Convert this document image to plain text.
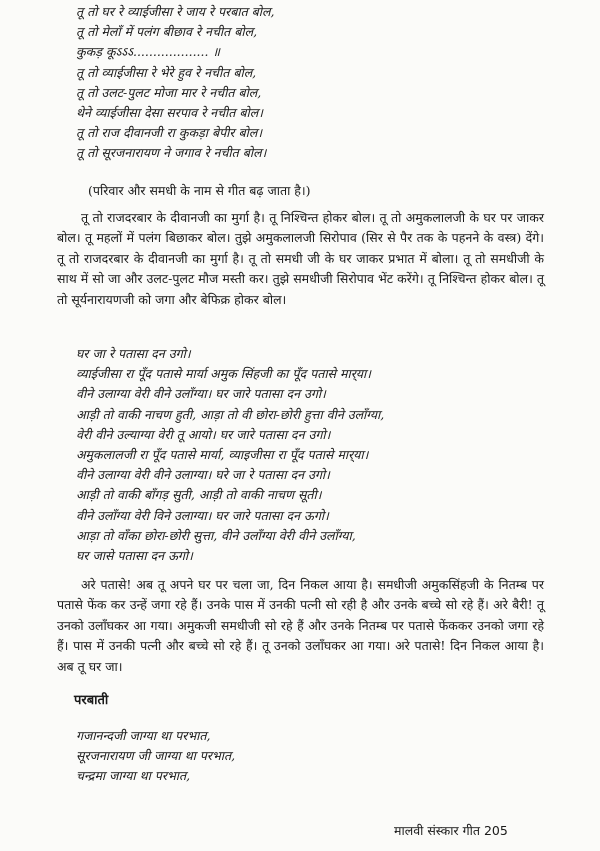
तू तो घर रे व्याईजीसा रे जाय रे परबात बोल,
तू तो मेलाँ में पलंग बीछाव रे नचीत बोल,
कुकड़ कूऽऽऽ................... ॥
तू तो व्याईजीसा रे भेरे हुव रे नचीत बोल,
तू तो उलट-पुलट मोजा मार रे नचीत बोल,
थेने व्याईजीसा देसा सरपाव रे नचीत बोल।
तू तो राज दीवानजी रा कुकड़ा बेपीर बोल।
तू तो सूरजनारायण ने जगाव रे नचीत बोल।
(परिवार और समधी के नाम से गीत बढ़ जाता है।)

तू तो राजदरबार के दीवानजी का मुर्गा है। तू निश्चिन्त होकर बोल। तू तो अमुकलालजी के घर पर जाकर बोल। तू महलों में पलंग बिछाकर बोल। तुझे अमुकलालजी सिरोपाव (सिर से पैर तक के पहनने के वस्त्र) देंगे। तू तो राजदरबार के दीवानजी का मुर्गा है। तू तो समधी जी के घर जाकर प्रभात में बोला। तू तो समधीजी के साथ में सो जा और उलट-पुलट मौज मस्ती कर। तुझे समधीजी सिरोपाव भेंट करेंगे। तू निश्चिन्त होकर बोल। तू तो सूर्यनारायणजी को जगा और बेफिक्र होकर बोल।

घर जा रे पतासा दन उगो।
व्याईजीसा रा पूँद पतासे मार्या अमुक सिंहजी का पूँद पतासे मार्‌या।
वीने उलाग्या वेरी वीने उलाँग्या। घर जारे पतासा दन उगो।
आड़ी तो वाकी नाचण हुती, आड़ा तो वी छोरा-छोरी हुत्ता वीने उलाँग्या,
वेरी वीने उल्याग्या वेरी तू आयो। घर जारे पतासा दन उगो।
अमुकलालजी रा पूँद पतासे मार्या, व्याइजीसा रा पूँद पतासे मार्‌या।
वीने उलाग्या वेरी वीने उलाग्या। घरे जा रे पतासा दन उगो।
आड़ी तो वाकी बाँगड़ सुती, आड़ी तो वाकी नाचण सूती।
वीने उलाँग्या वेरी विने उलाग्या। घर जारे पतासा दन ऊगो।
आड़ा तो वाँका छोरा-छोरी सुत्ता, वीने उलाँग्या वेरी वीने उलाँग्या,
घर जासे पतासा दन ऊगो।

अरे पतासे! अब तू अपने घर पर चला जा, दिन निकल आया है। समधीजी अमुकसिंहजी के नितम्ब पर पतासे फेंक कर उन्हें जगा रहे हैं। उनके पास में उनकी पत्नी सो रही है और उनके बच्चे सो रहे हैं। अरे बैरी! तू उनको उलाँघकर आ गया। अमुकजी समधीजी सो रहे हैं और उनके नितम्ब पर पतासे फेंककर उनको जगा रहे हैं। पास में उनकी पत्नी और बच्चे सो रहे हैं। तू उनको उलाँघकर आ गया। अरे पतासे! दिन निकल आया है। अब तू घर जा।

परबाती
गजानन्दजी जाग्या था परभात,
सूरजनारायण जी जाग्या था परभात,
चन्द्रमा जाग्या था परभात,
मालवी संस्कार गीत 205
